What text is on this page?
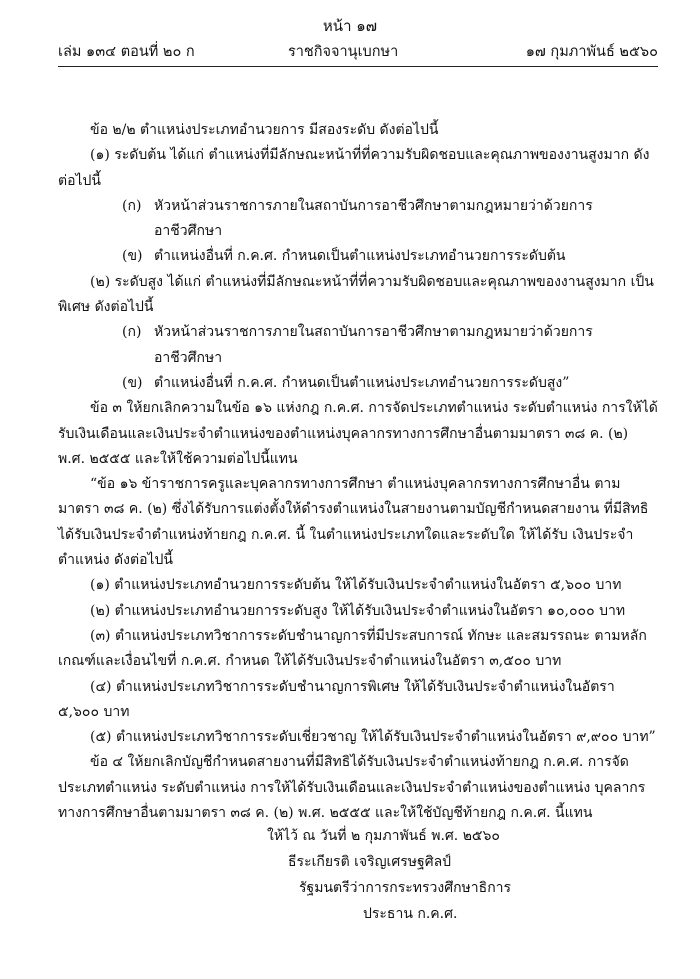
หน้า ๑๗
เล่ม ๑๓๔ ตอนที่ ๒๐ ก	ราชกิจจานุเบกษา	๑๗ กุมภาพันธ์ ๒๕๖๐

ข้อ ๒/๒ ตำแหน่งประเภทอำนวยการ มีสองระดับ ดังต่อไปนี้

(๑) ระดับต้น ได้แก่ ตำแหน่งที่มีลักษณะหน้าที่ที่ความรับผิดชอบและคุณภาพของงานสูงมาก ดังต่อไปนี้

(ก) หัวหน้าส่วนราชการภายในสถาบันการอาชีวศึกษาตามกฎหมายว่าด้วยการอาชีวศึกษา

(ข) ตำแหน่งอื่นที่ ก.ค.ศ. กำหนดเป็นตำแหน่งประเภทอำนวยการระดับต้น

(๒) ระดับสูง ได้แก่ ตำแหน่งที่มีลักษณะหน้าที่ที่ความรับผิดชอบและคุณภาพของงานสูงมาก เป็นพิเศษ ดังต่อไปนี้

(ก) หัวหน้าส่วนราชการภายในสถาบันการอาชีวศึกษาตามกฎหมายว่าด้วยการอาชีวศึกษา

(ข) ตำแหน่งอื่นที่ ก.ค.ศ. กำหนดเป็นตำแหน่งประเภทอำนวยการระดับสูง”

ข้อ ๓ ให้ยกเลิกความในข้อ ๑๖ แห่งกฎ ก.ค.ศ. การจัดประเภทตำแหน่ง ระดับตำแหน่ง การให้ได้รับเงินเดือนและเงินประจำตำแหน่งของตำแหน่งบุคลากรทางการศึกษาอื่นตามมาตรา ๓๘ ค. (๒) พ.ศ. ๒๕๕๕ และให้ใช้ความต่อไปนี้แทน

“ข้อ ๑๖ ข้าราชการครูและบุคลากรทางการศึกษา ตำแหน่งบุคลากรทางการศึกษาอื่น ตามมาตรา ๓๘ ค. (๒) ซึ่งได้รับการแต่งตั้งให้ดำรงตำแหน่งในสายงานตามบัญชีกำหนดสายงาน ที่มีสิทธิได้รับเงินประจำตำแหน่งท้ายกฎ ก.ค.ศ. นี้ ในตำแหน่งประเภทใดและระดับใด ให้ได้รับ เงินประจำตำแหน่ง ดังต่อไปนี้

(๑) ตำแหน่งประเภทอำนวยการระดับต้น ให้ได้รับเงินประจำตำแหน่งในอัตรา ๕,๖๐๐ บาท

(๒) ตำแหน่งประเภทอำนวยการระดับสูง ให้ได้รับเงินประจำตำแหน่งในอัตรา ๑๐,๐๐๐ บาท

(๓) ตำแหน่งประเภทวิชาการระดับชำนาญการที่มีประสบการณ์ ทักษะ และสมรรถนะ ตามหลักเกณฑ์และเงื่อนไขที่ ก.ค.ศ. กำหนด ให้ได้รับเงินประจำตำแหน่งในอัตรา ๓,๕๐๐ บาท

(๔) ตำแหน่งประเภทวิชาการระดับชำนาญการพิเศษ ให้ได้รับเงินประจำตำแหน่งในอัตรา ๕,๖๐๐ บาท

(๕) ตำแหน่งประเภทวิชาการระดับเชี่ยวชาญ ให้ได้รับเงินประจำตำแหน่งในอัตรา ๙,๙๐๐ บาท”

ข้อ ๔ ให้ยกเลิกบัญชีกำหนดสายงานที่มีสิทธิได้รับเงินประจำตำแหน่งท้ายกฎ ก.ค.ศ. การจัดประเภทตำแหน่ง ระดับตำแหน่ง การให้ได้รับเงินเดือนและเงินประจำตำแหน่งของตำแหน่ง บุคลากรทางการศึกษาอื่นตามมาตรา ๓๘ ค. (๒) พ.ศ. ๒๕๕๕ และให้ใช้บัญชีท้ายกฎ ก.ค.ศ. นี้แทน

ให้ไว้ ณ วันที่ ๒ กุมภาพันธ์ พ.ศ. ๒๕๖๐
ธีระเกียรติ เจริญเศรษฐศิลป์
รัฐมนตรีว่าการกระทรวงศึกษาธิการ
ประธาน ก.ค.ศ.
